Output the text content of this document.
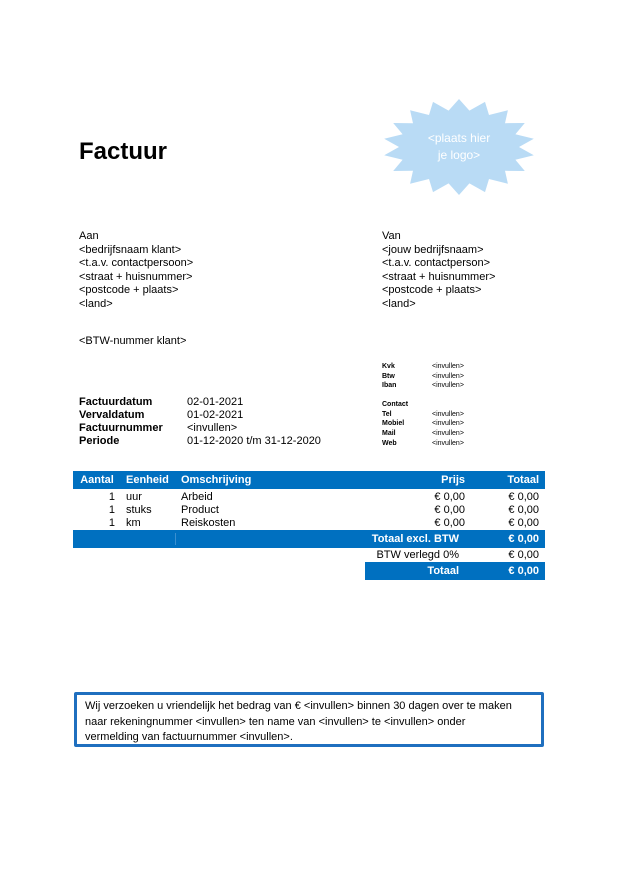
<plaats hier
je logo>
Factuur
Aan
<bedrijfsnaam klant>
<t.a.v. contactpersoon>
<straat + huisnummer>
<postcode + plaats>
<land>
Van
<jouw bedrijfsnaam>
<t.a.v. contactperson>
<straat + huisnummer>
<postcode + plaats>
<land>
<BTW-nummer klant>
Kvk	<invullen>
Btw	<invullen>
Iban	<invullen>
Contact
Tel	<invullen>
Mobiel	<invullen>
Mail	<invullen>
Web	<invullen>
Factuurdatum	02-01-2021
Vervaldatum	01-02-2021
Factuurnummer	<invullen>
Periode	01-12-2020 t/m 31-12-2020
Aantal	Eenheid	Omschrijving	Prijs	Totaal
1	uur	Arbeid	€ 0,00	€ 0,00
1	stuks	Product	€ 0,00	€ 0,00
1	km	Reiskosten	€ 0,00	€ 0,00
Totaal excl. BTW	€ 0,00
BTW verlegd 0%	€ 0,00
Totaal	€ 0,00
Wij verzoeken u vriendelijk het bedrag van € <invullen> binnen 30 dagen over te maken
naar rekeningnummer <invullen> ten name van <invullen> te <invullen> onder
vermelding van factuurnummer <invullen>.
